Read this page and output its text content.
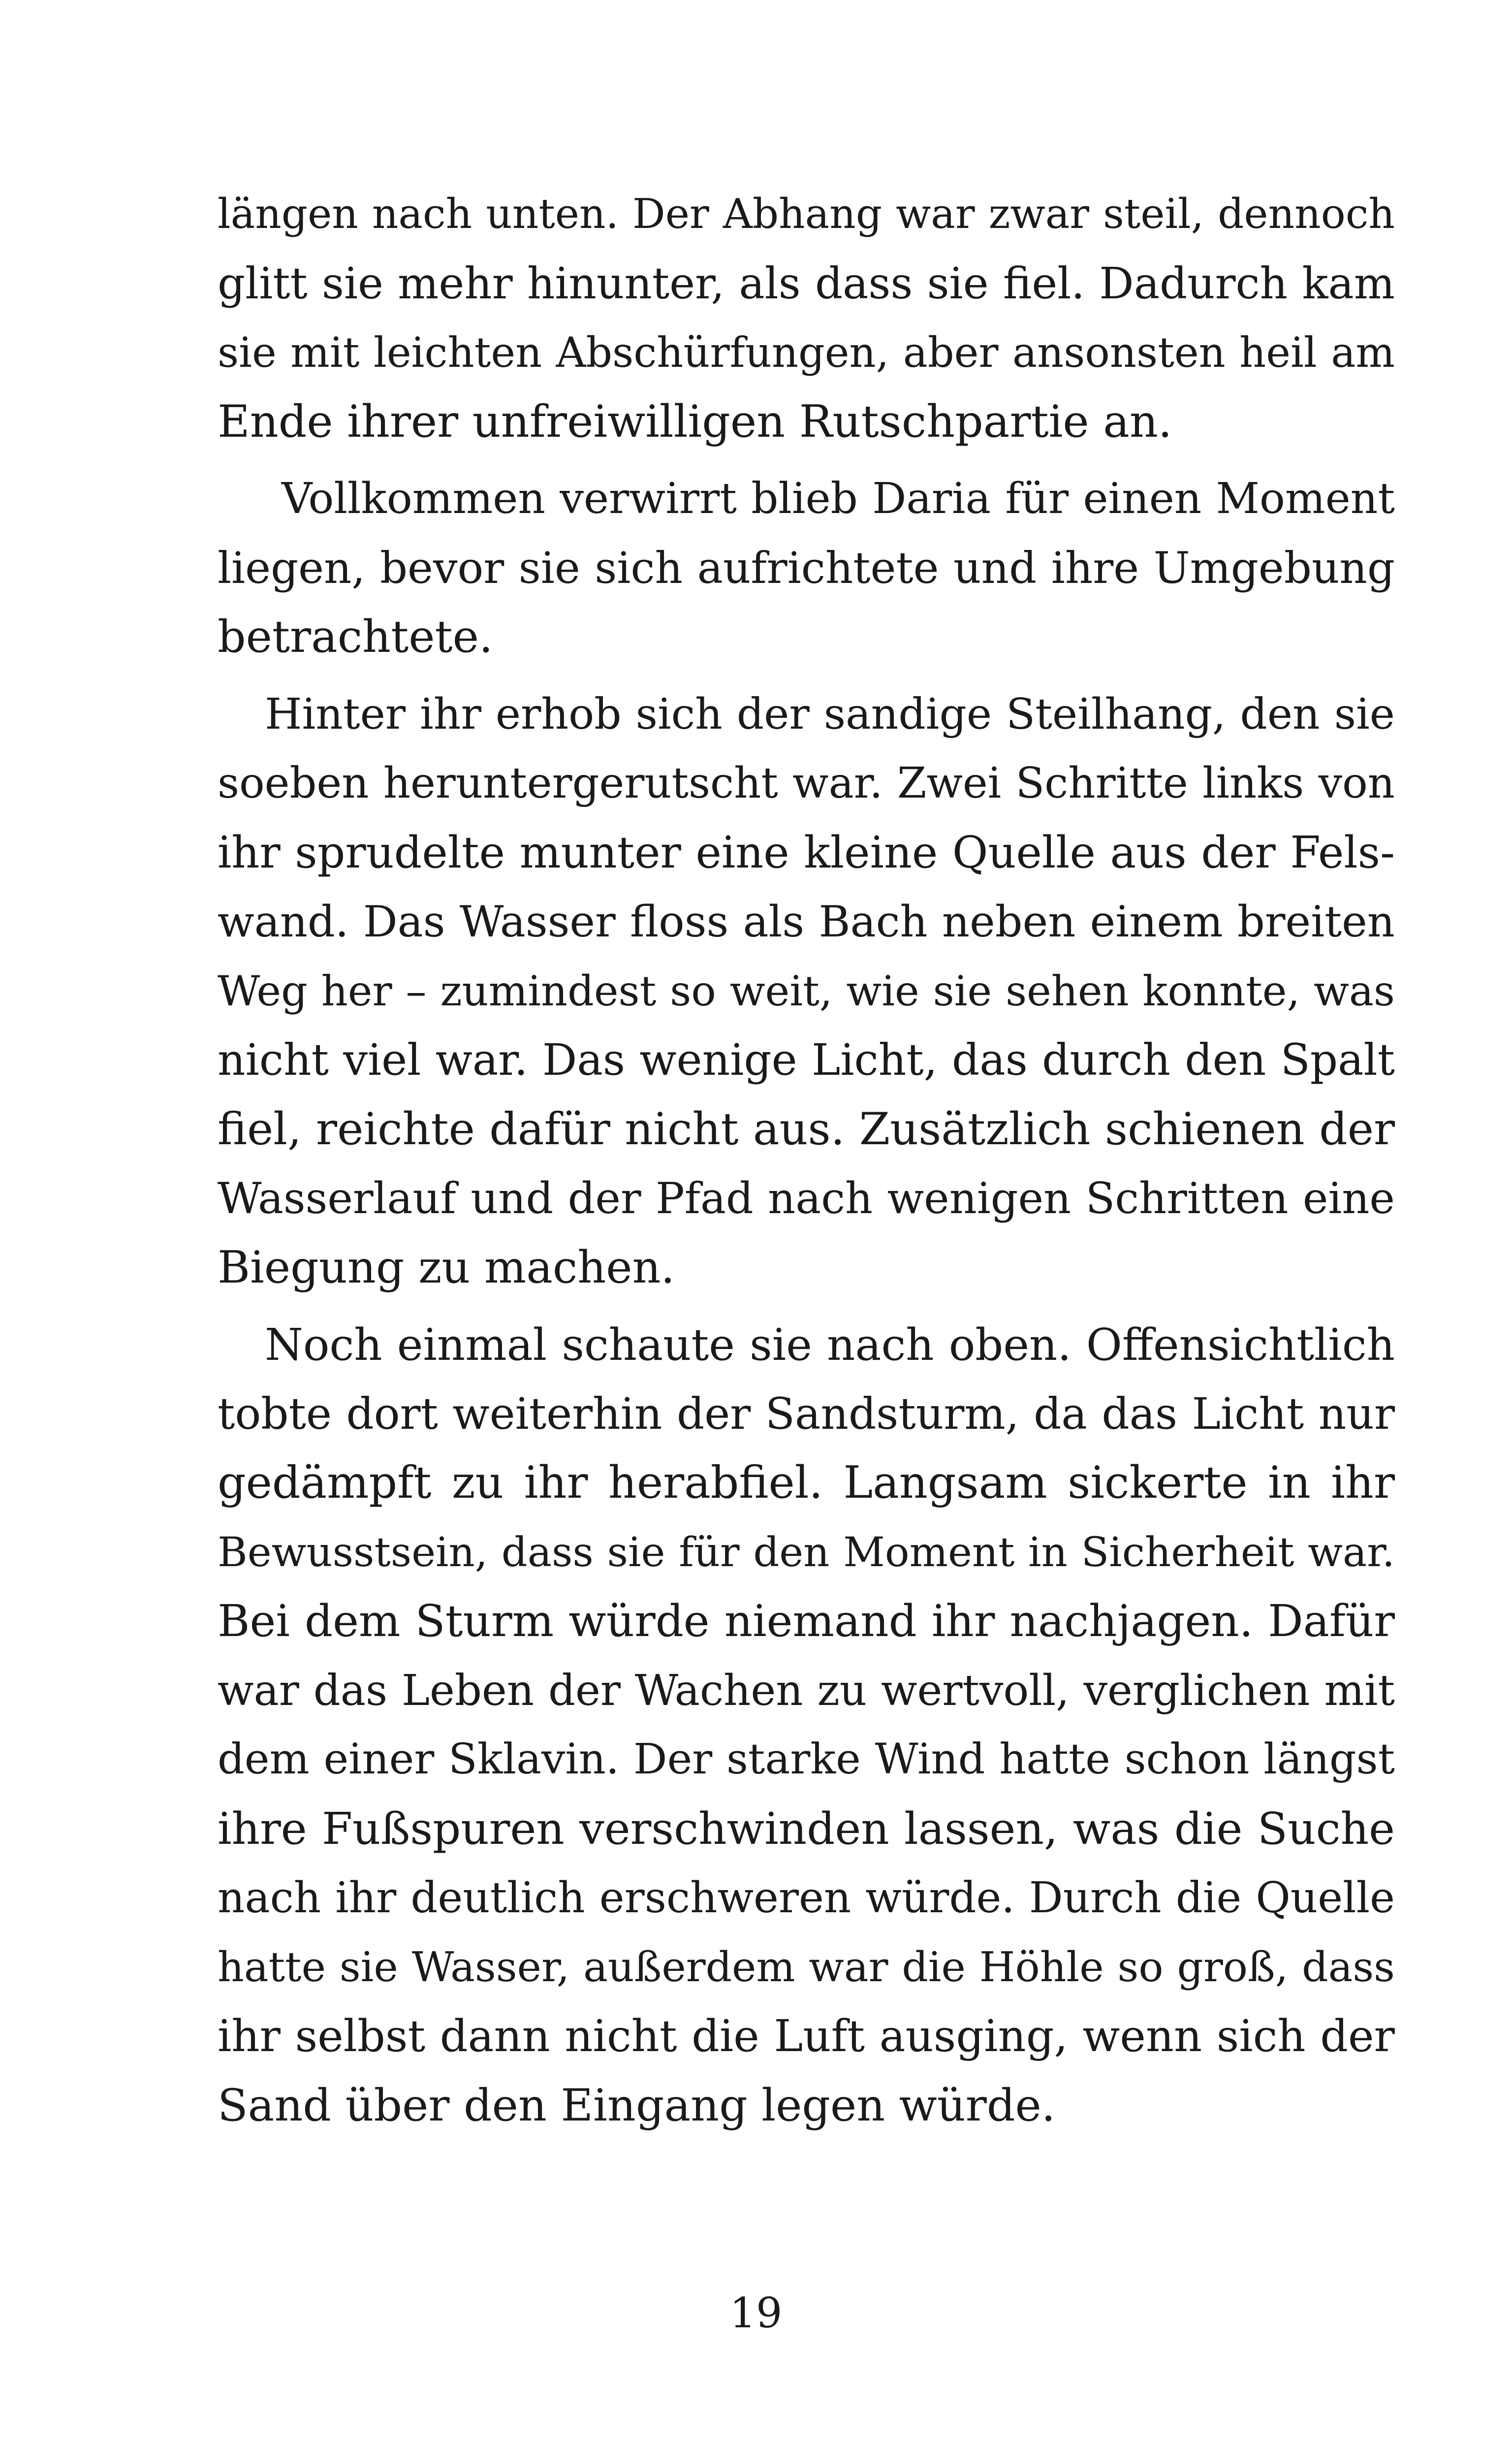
längen nach unten. Der Abhang war zwar steil, dennoch
glitt sie mehr hinunter, als dass sie fiel. Dadurch kam
sie mit leichten Abschürfungen, aber ansonsten heil am
Ende ihrer unfreiwilligen Rutschpartie an.
Vollkommen verwirrt blieb Daria für einen Moment
liegen, bevor sie sich aufrichtete und ihre Umgebung
betrachtete.
Hinter ihr erhob sich der sandige Steilhang, den sie
soeben heruntergerutscht war. Zwei Schritte links von
ihr sprudelte munter eine kleine Quelle aus der Fels-
wand. Das Wasser floss als Bach neben einem breiten
Weg her – zumindest so weit, wie sie sehen konnte, was
nicht viel war. Das wenige Licht, das durch den Spalt
fiel, reichte dafür nicht aus. Zusätzlich schienen der
Wasserlauf und der Pfad nach wenigen Schritten eine
Biegung zu machen.
Noch einmal schaute sie nach oben. Offensichtlich
tobte dort weiterhin der Sandsturm, da das Licht nur
gedämpft zu ihr herabfiel. Langsam sickerte in ihr
Bewusstsein, dass sie für den Moment in Sicherheit war.
Bei dem Sturm würde niemand ihr nachjagen. Dafür
war das Leben der Wachen zu wertvoll, verglichen mit
dem einer Sklavin. Der starke Wind hatte schon längst
ihre Fußspuren verschwinden lassen, was die Suche
nach ihr deutlich erschweren würde. Durch die Quelle
hatte sie Wasser, außerdem war die Höhle so groß, dass
ihr selbst dann nicht die Luft ausging, wenn sich der
Sand über den Eingang legen würde.
19
